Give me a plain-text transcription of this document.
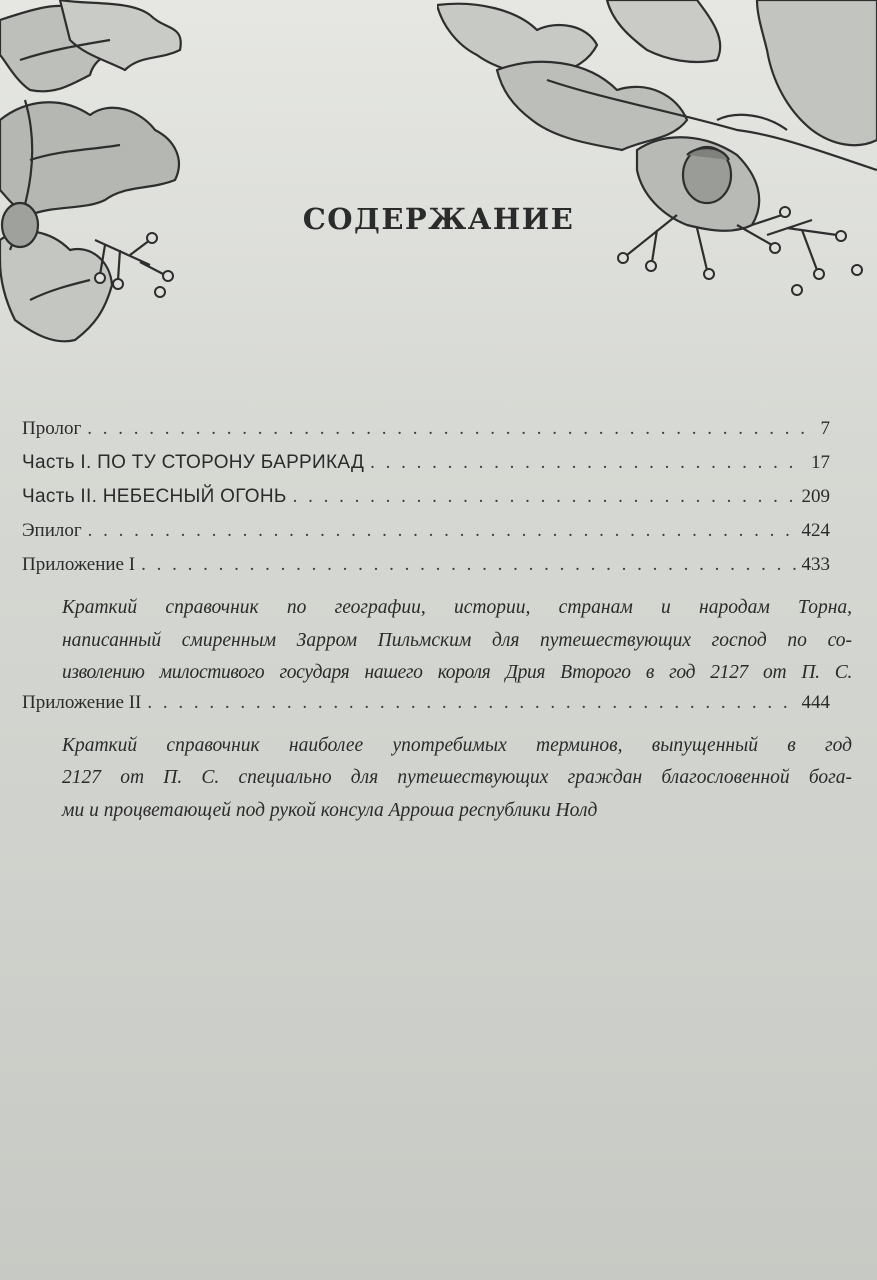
СОДЕРЖАНИЕ
Пролог . . .	7
Часть I. ПО ТУ СТОРОНУ БАРРИКАД . . .	17
Часть II. НЕБЕСНЫЙ ОГОНЬ . . .	209
Эпилог . . .	424
Приложение I . . .	433

Краткий справочник по географии, истории, странам и народам Торна,
написанный смиренным Зарром Пильмским для путешествующих господ по со-
изволению милостивого государя нашего короля Дрия Второго в год 2127 от П. С.

Приложение II . . .	444

Краткий справочник наиболее употребимых терминов, выпущенный в год
2127 от П. С. специально для путешествующих граждан благословенной бога-
ми и процветающей под рукой консула Арроша республики Нолд
